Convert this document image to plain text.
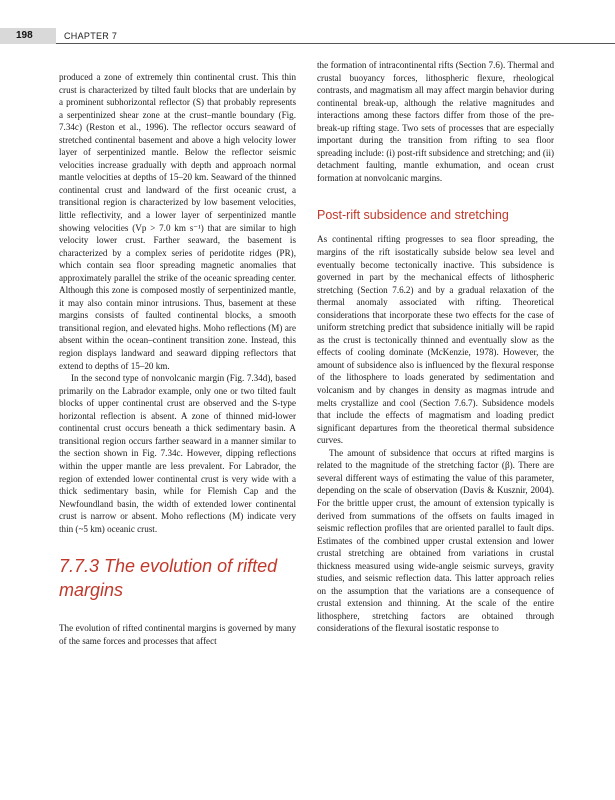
198	CHAPTER 7

produced a zone of extremely thin continental crust. This thin crust is characterized by tilted fault blocks that are underlain by a prominent subhorizontal reflector (S) that probably represents a serpentinized shear zone at the crust–mantle boundary (Fig. 7.34c) (Reston et al., 1996). The reflector occurs seaward of stretched continental basement and above a high velocity lower layer of serpentinized mantle. Below the reflector seismic velocities increase gradually with depth and approach normal mantle velocities at depths of 15–20 km. Seaward of the thinned continental crust and landward of the first oceanic crust, a transitional region is characterized by low basement velocities, little reflectivity, and a lower layer of serpentinized mantle showing velocities (Vp > 7.0 km s⁻¹) that are similar to high velocity lower crust. Farther seaward, the basement is characterized by a complex series of peridotite ridges (PR), which contain sea floor spreading magnetic anomalies that approximately parallel the strike of the oceanic spreading center. Although this zone is composed mostly of serpentinized mantle, it may also contain minor intrusions. Thus, basement at these margins consists of faulted continental blocks, a smooth transitional region, and elevated highs. Moho reflections (M) are absent within the ocean–continent transition zone. Instead, this region displays landward and seaward dipping reflectors that extend to depths of 15–20 km.

In the second type of nonvolcanic margin (Fig. 7.34d), based primarily on the Labrador example, only one or two tilted fault blocks of upper continental crust are observed and the S-type horizontal reflection is absent. A zone of thinned mid-lower continental crust occurs beneath a thick sedimentary basin. A transitional region occurs farther seaward in a manner similar to the section shown in Fig. 7.34c. However, dipping reflections within the upper mantle are less prevalent. For Labrador, the region of extended lower continental crust is very wide with a thick sedimentary basin, while for Flemish Cap and the Newfoundland basin, the width of extended lower continental crust is narrow or absent. Moho reflections (M) indicate very thin (~5 km) oceanic crust.

7.7.3 The evolution of rifted margins

The evolution of rifted continental margins is governed by many of the same forces and processes that affect

the formation of intracontinental rifts (Section 7.6). Thermal and crustal buoyancy forces, lithospheric flexure, rheological contrasts, and magmatism all may affect margin behavior during continental break-up, although the relative magnitudes and interactions among these factors differ from those of the pre-break-up rifting stage. Two sets of processes that are especially important during the transition from rifting to sea floor spreading include: (i) post-rift subsidence and stretching; and (ii) detachment faulting, mantle exhumation, and ocean crust formation at nonvolcanic margins.

Post-rift subsidence and stretching

As continental rifting progresses to sea floor spreading, the margins of the rift isostatically subside below sea level and eventually become tectonically inactive. This subsidence is governed in part by the mechanical effects of lithospheric stretching (Section 7.6.2) and by a gradual relaxation of the thermal anomaly associated with rifting. Theoretical considerations that incorporate these two effects for the case of uniform stretching predict that subsidence initially will be rapid as the crust is tectonically thinned and eventually slow as the effects of cooling dominate (McKenzie, 1978). However, the amount of subsidence also is influenced by the flexural response of the lithosphere to loads generated by sedimentation and volcanism and by changes in density as magmas intrude and melts crystallize and cool (Section 7.6.7). Subsidence models that include the effects of magmatism and loading predict significant departures from the theoretical thermal subsidence curves.

The amount of subsidence that occurs at rifted margins is related to the magnitude of the stretching factor (β). There are several different ways of estimating the value of this parameter, depending on the scale of observation (Davis & Kusznir, 2004). For the brittle upper crust, the amount of extension typically is derived from summations of the offsets on faults imaged in seismic reflection profiles that are oriented parallel to fault dips. Estimates of the combined upper crustal extension and lower crustal stretching are obtained from variations in crustal thickness measured using wide-angle seismic surveys, gravity studies, and seismic reflection data. This latter approach relies on the assumption that the variations are a consequence of crustal extension and thinning. At the scale of the entire lithosphere, stretching factors are obtained through considerations of the flexural isostatic response to
